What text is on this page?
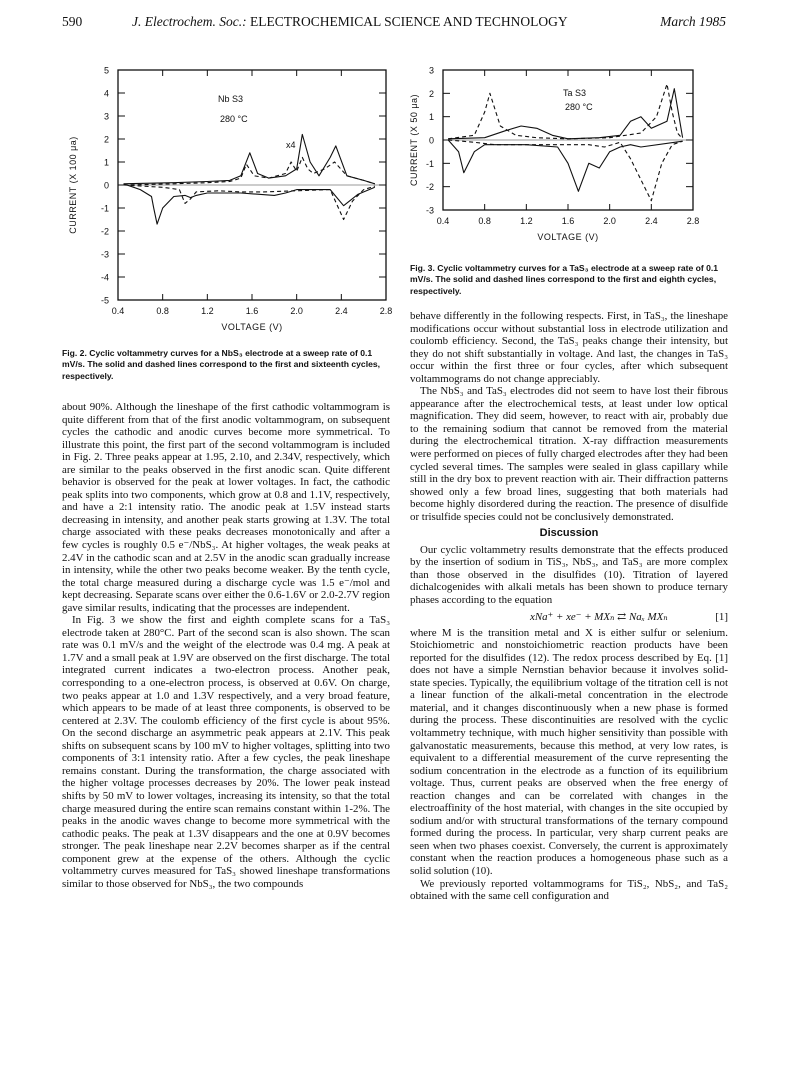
590	J. Electrochem. Soc.: ELECTROCHEMICAL SCIENCE AND TECHNOLOGY	March 1985
0.4	0.8	1.2	1.6	2.0	2.4	2.8
5
4
3
2
1
0
-1
-2
-3
-4
-5
Nb S3
280 °C
x4
VOLTAGE (V)
CURRENT (X 100 μa)
Fig. 2. Cyclic voltammetry curves for a NbS₃ electrode at a sweep rate of 0.1 mV/s. The solid and dashed lines correspond to the first and sixteenth cycles, respectively.
0.4	0.8	1.2	1.6	2.0	2.4	2.8
3
2
1
0
-1
-2
-3
Ta S3
280 °C
VOLTAGE (V)
CURRENT (X 50 μa)
Fig. 3. Cyclic voltammetry curves for a TaS₃ electrode at a sweep rate of 0.1 mV/s. The solid and dashed lines correspond to the first and eighth cycles, respectively.

about 90%. Although the lineshape of the first cathodic voltammogram is quite different from that of the first anodic voltammogram, on subsequent cycles the cathodic and anodic curves become more symmetrical. To illustrate this point, the first part of the second voltammogram is included in Fig. 2. Three peaks appear at 1.95, 2.10, and 2.34V, respectively, which are similar to the peaks observed in the first anodic scan. Quite different behavior is observed for the peak at lower voltages. In fact, the cathodic peak splits into two components, which grow at 0.8 and 1.1V, respectively, and have a 2:1 intensity ratio. The anodic peak at 1.5V instead starts decreasing in intensity, and another peak starts growing at 1.3V. The total charge associated with these peaks decreases monotonically and after a few cycles is roughly 0.5 e⁻/NbS₃. At higher voltages, the weak peaks at 2.4V in the cathodic scan and at 2.5V in the anodic scan gradually increase in intensity, while the other two peaks become weaker. By the tenth cycle, the total charge measured during a discharge cycle was 1.5 e⁻/mol and kept decreasing. Separate scans over either the 0.6-1.6V or 2.0-2.7V region gave similar results, indicating that the processes are independent.

In Fig. 3 we show the first and eighth complete scans for a TaS₃ electrode taken at 280°C. Part of the second scan is also shown. The scan rate was 0.1 mV/s and the weight of the electrode was 0.4 mg. A peak at 1.7V and a small peak at 1.9V are observed on the first discharge. The total integrated current indicates a two-electron process. Another peak, corresponding to a one-electron process, is observed at 0.6V. On charge, two peaks appear at 1.0 and 1.3V respectively, and a very broad feature, which appears to be made of at least three components, is observed to be centered at 2.3V. The coulomb efficiency of the first cycle is about 95%. On the second discharge an asymmetric peak appears at 2.1V. This peak shifts on subsequent scans by 100 mV to higher voltages, splitting into two components of 3:1 intensity ratio. After a few cycles, the peak lineshape remains constant. During the transformation, the charge associated with the higher voltage processes decreases by 20%. The lower peak instead shifts by 50 mV to lower voltages, increasing its intensity, so that the total charge measured during the entire scan remains constant within 1-2%. The peaks in the anodic waves change to become more symmetrical with the cathodic peaks. The peak at 1.3V disappears and the one at 0.9V becomes stronger. The peak lineshape near 2.2V becomes sharper as if the central component grew at the expense of the others. Although the cyclic voltammetry curves measured for TaS₃ showed lineshape transformations similar to those observed for NbS₃, the two compounds

behave differently in the following respects. First, in TaS₃, the lineshape modifications occur without substantial loss in electrode utilization and coulomb efficiency. Second, the TaS₃ peaks change their intensity, but they do not shift substantially in voltage. And last, the changes in TaS₃ occur within the first three or four cycles, after which subsequent voltammograms do not change appreciably.

The NbS₃ and TaS₃ electrodes did not seem to have lost their fibrous appearance after the electrochemical tests, at least under low optical magnification. They did seem, however, to react with air, probably due to the remaining sodium that cannot be removed from the material during the electrochemical titration. X-ray diffraction measurements were performed on pieces of fully charged electrodes after they had been cycled several times. The samples were sealed in glass capillary while still in the dry box to prevent reaction with air. Their diffraction patterns showed only a few broad lines, suggesting that both materials had become highly disordered during the reaction. The presence of disulfide or trisulfide species could not be conclusively demonstrated.

Discussion

Our cyclic voltammetry results demonstrate that the effects produced by the insertion of sodium in TiS₃, NbS₃, and TaS₃ are more complex than those observed in the disulfides (10). Titration of layered dichalcogenides with alkali metals has been shown to produce ternary phases according to the equation

xNa⁺ + xe⁻ + MXₙ ⇄ Naₓ MXₙ	[1]

where M is the transition metal and X is either sulfur or selenium. Stoichiometric and nonstoichiometric reaction products have been reported for the disulfides (12). The redox process described by Eq. [1] does not have a simple Nernstian behavior because it involves solid-state species. Typically, the equilibrium voltage of the titration cell is not a linear function of the alkali-metal concentration in the electrode material, and it changes discontinuously when a new phase is formed during the process. These discontinuities are resolved with the cyclic voltammetry technique, with much higher sensitivity than possible with galvanostatic measurements, because this method, at very low rates, is equivalent to a differential measurement of the curve representing the sodium concentration in the electrode as a function of its equilibrium voltage. Thus, current peaks are observed when the free energy of reaction changes and can be correlated with changes in the electroaffinity of the host material, with changes in the site occupied by sodium and/or with structural transformations of the ternary compound formed during the process. In particular, very sharp current peaks are seen when two phases coexist. Conversely, the current is approximately constant when the reaction produces a homogeneous phase such as a solid solution (10).

We previously reported voltammograms for TiS₂, NbS₂, and TaS₂ obtained with the same cell configuration and
